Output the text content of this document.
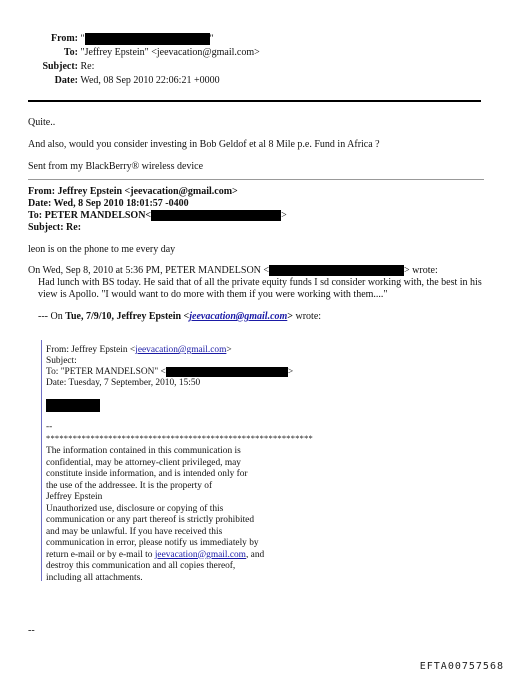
From: "	"
To: "Jeffrey Epstein" <jeevacation@gmail.com>
Subject: Re:
Date: Wed, 08 Sep 2010 22:06:21 +0000
Quite..
And also, would you consider investing in Bob Geldof et al 8 Mile p.e. Fund in Africa ?
Sent from my BlackBerry® wireless device
From: Jeffrey Epstein <jeevacation@gmail.com>
Date: Wed, 8 Sep 2010 18:01:57 -0400
To: PETER MANDELSON<	>
Subject: Re:
leon is on the phone to me every day
On Wed, Sep 8, 2010 at 5:36 PM, PETER MANDELSON <	> wrote:
Had lunch with BS today. He said that of all the private equity funds I sd consider working with, the best in his
view is Apollo. "I would want to do more with them if you were working with them...."
--- On Tue, 7/9/10, Jeffrey Epstein <jeevacation@gmail.com> wrote:
From: Jeffrey Epstein <jeevacation@gmail.com>
Subject:
To: "PETER MANDELSON" <	>
Date: Tuesday, 7 September, 2010, 15:50
--
************************************************************
The information contained in this communication is
confidential, may be attorney-client privileged, may
constitute inside information, and is intended only for
the use of the addressee. It is the property of
Jeffrey Epstein
Unauthorized use, disclosure or copying of this
communication or any part thereof is strictly prohibited
and may be unlawful. If you have received this
communication in error, please notify us immediately by
return e-mail or by e-mail to jeevacation@gmail.com, and
destroy this communication and all copies thereof,
including all attachments.
--
EFTA00757568
